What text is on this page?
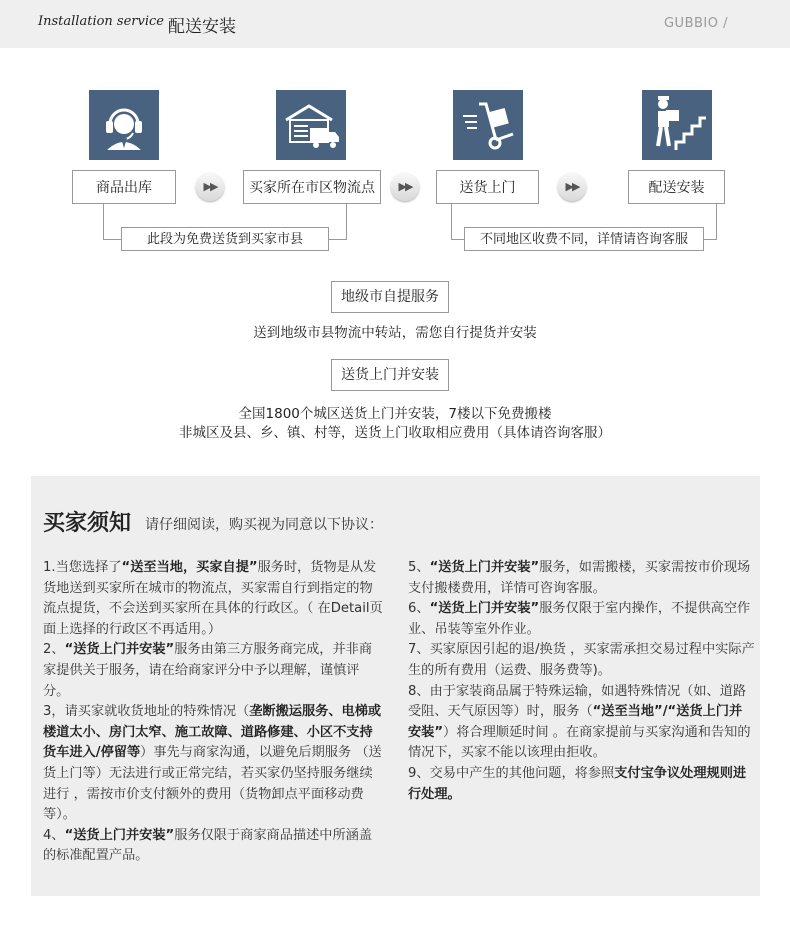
Installation service 配送安装	GUBBIO /
商品出库	买家所在市区物流点	送货上门	配送安装
▶▶	▶▶	▶▶
此段为免费送货到买家市县	不同地区收费不同，详情请咨询客服
地级市自提服务
送到地级市县物流中转站，需您自行提货并安装
送货上门并安装
全国1800个城区送货上门并安装，7楼以下免费搬楼
非城区及县、乡、镇、村等，送货上门收取相应费用（具体请咨询客服）
买家须知 请仔细阅读，购买视为同意以下协议：

1.当您选择了“送至当地，买家自提”服务时，货物是从发货地送到买家所在城市的物流点，买家需自行到指定的物流点提货，不会送到买家所在具体的行政区。（ 在Detail页面上选择的行政区不再适用。）

2、“送货上门并安装”服务由第三方服务商完成，并非商家提供关于服务，请在给商家评分中予以理解，谨慎评分。

3，请买家就收货地址的特殊情况（垄断搬运服务、电梯或楼道太小、房门太窄、施工故障、道路修建、小区不支持货车进入/停留等）事先与商家沟通，以避免后期服务 （送货上门等）无法进行或正常完结，若买家仍坚持服务继续进行 ，需按市价支付额外的费用（货物卸点平面移动费等）。

4、“送货上门并安装”服务仅限于商家商品描述中所涵盖的标准配置产品。

5、“送货上门并安装”服务，如需搬楼，买家需按市价现场支付搬楼费用，详情可咨询客服。

6、“送货上门并安装”服务仅限于室内操作，不提供高空作业、吊装等室外作业。

7、买家原因引起的退/换货 ，买家需承担交易过程中实际产生的所有费用（运费、服务费等)。

8、由于家装商品属于特殊运输，如遇特殊情况（如、道路受阻、天气原因等）时，服务（“送至当地”/“送货上门并安装”）将合理顺延时间 。在商家提前与买家沟通和告知的情况下，买家不能以该理由拒收。

9、交易中产生的其他问题，将参照支付宝争议处理规则进行处理。
